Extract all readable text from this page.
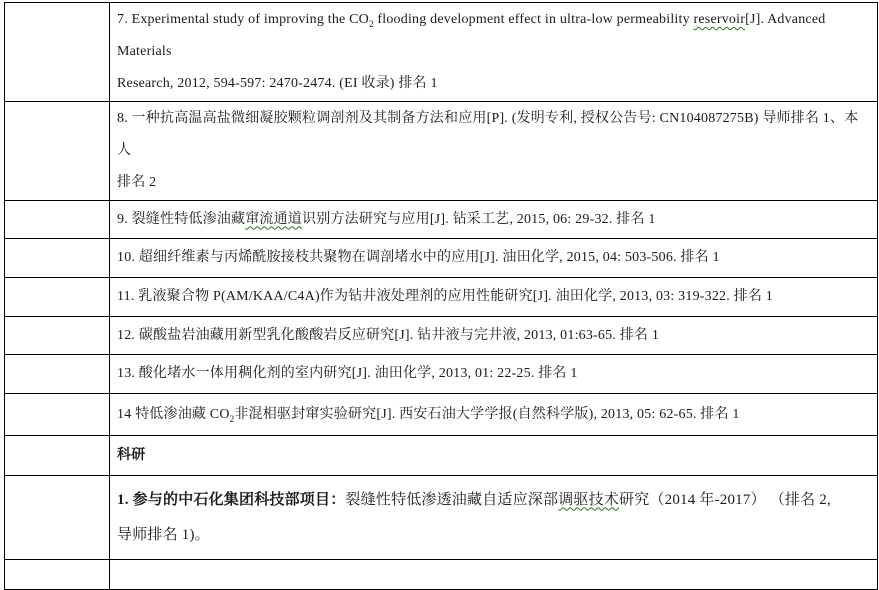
	7. Experimental study of improving the $CO_2$ flooding development effect in ultra-low permeability reservoir[J]. Advanced Materials
Research, 2012, 594-597: 2470-2474. (EI 收录) 排名 1
	8. 一种抗高温高盐微细凝胶颗粒调剖剂及其制备方法和应用[P]. (发明专利, 授权公告号: CN104087275B) 导师排名 1、本人
排名 2
	9. 裂缝性特低渗油藏窜流通道识别方法研究与应用[J]. 钻采工艺, 2015, 06: 29-32. 排名 1
	10. 超细纤维素与丙烯酰胺接枝共聚物在调剖堵水中的应用[J]. 油田化学, 2015, 04: 503-506. 排名 1
	11. 乳液聚合物 P(AM/KAA/C4A)作为钻井液处理剂的应用性能研究[J]. 油田化学, 2013, 03: 319-322. 排名 1
	12. 碳酸盐岩油藏用新型乳化酸酸岩反应研究[J]. 钻井液与完井液, 2013, 01:63-65. 排名 1
	13. 酸化堵水一体用稠化剂的室内研究[J]. 油田化学, 2013, 01: 22-25. 排名 1
	14 特低渗油藏 $CO_2$非混相驱封窜实验研究[J]. 西安石油大学学报(自然科学版), 2013, 05: 62-65. 排名 1
	科研
	1. 参与的中石化集团科技部项目：裂缝性特低渗透油藏自适应深部调驱技术研究（2014 年-2017） （排名 2,
导师排名 1)。
